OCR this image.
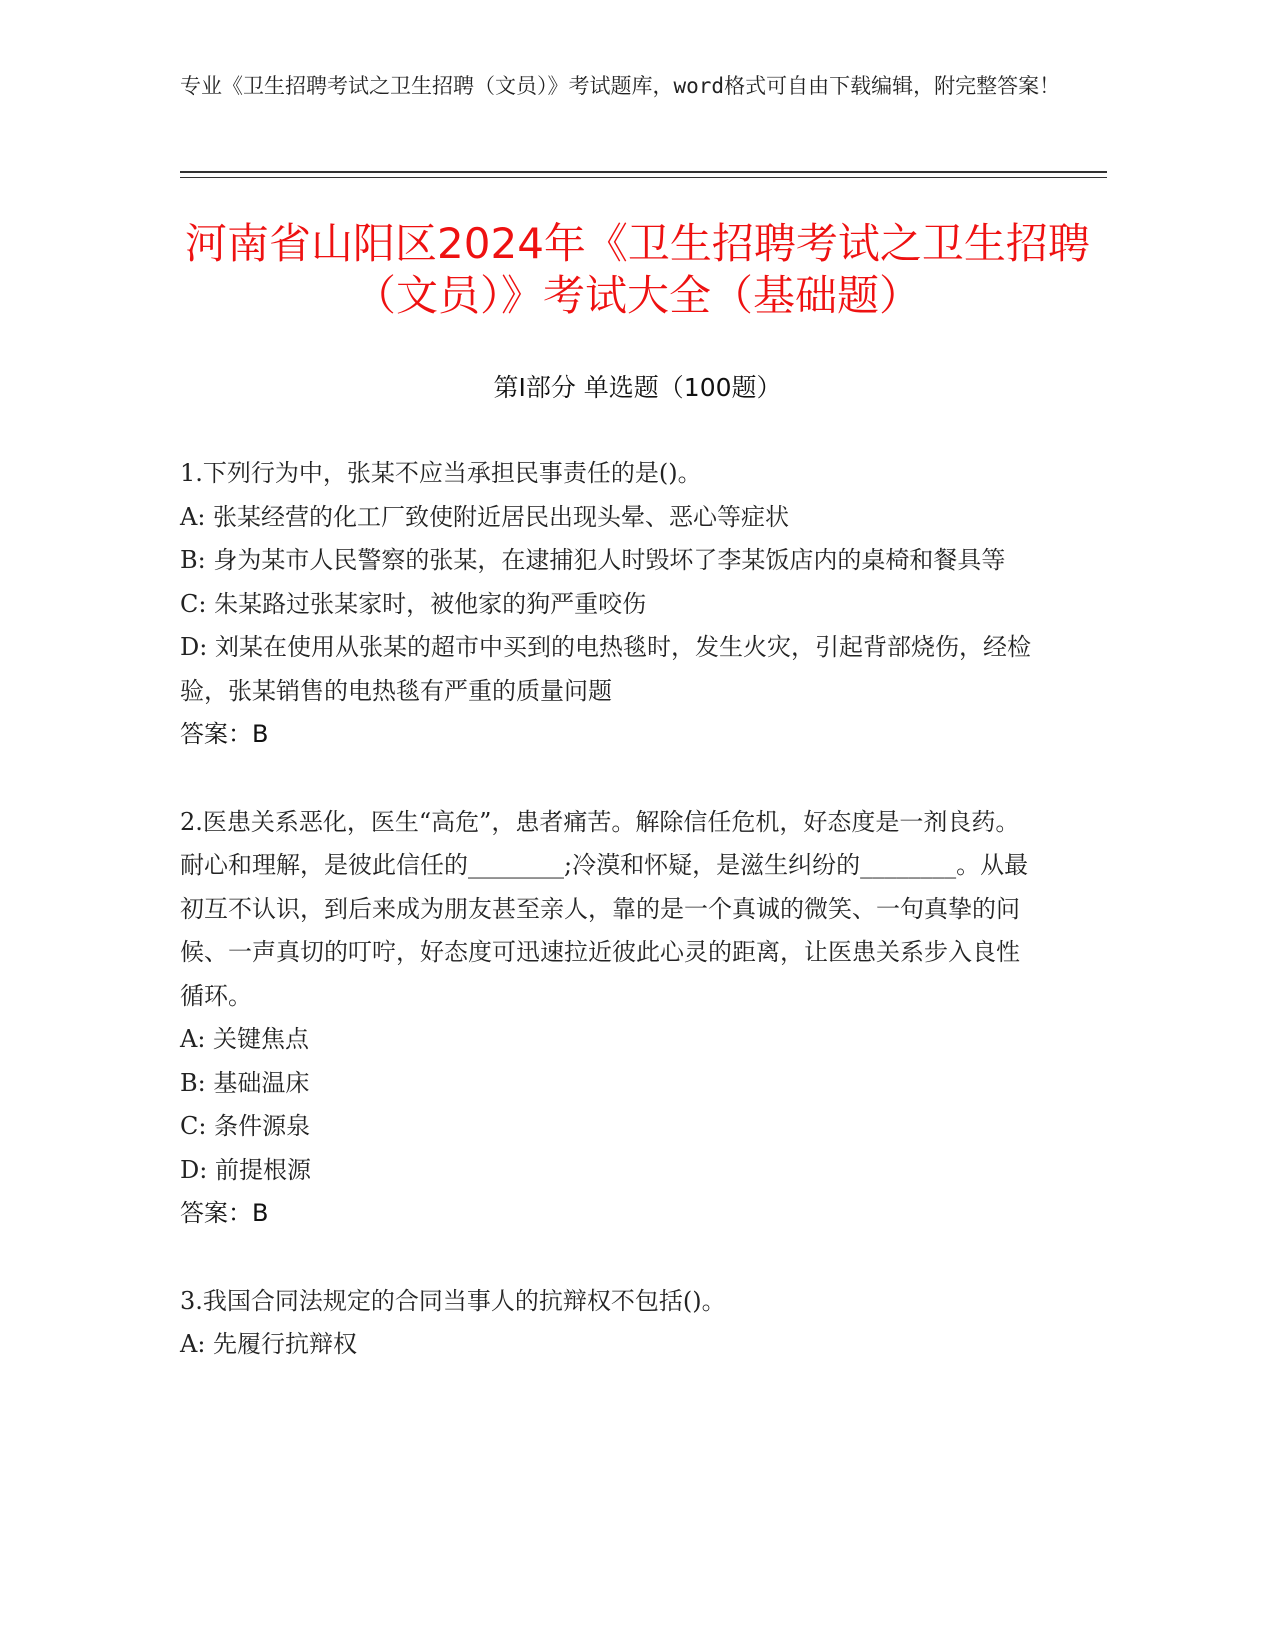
专业《卫生招聘考试之卫生招聘（文员）》考试题库，word格式可自由下载编辑，附完整答案！
河南省山阳区2024年《卫生招聘考试之卫生招聘（文员）》考试大全（基础题）
第Ⅰ部分 单选题（100题）
1.下列行为中，张某不应当承担民事责任的是()。
A: 张某经营的化工厂致使附近居民出现头晕、恶心等症状
B: 身为某市人民警察的张某，在逮捕犯人时毁坏了李某饭店内的桌椅和餐具等
C: 朱某路过张某家时，被他家的狗严重咬伤
D: 刘某在使用从张某的超市中买到的电热毯时，发生火灾，引起背部烧伤，经检验，张某销售的电热毯有严重的质量问题
答案：B
2.医患关系恶化，医生“高危”，患者痛苦。解除信任危机，好态度是一剂良药。耐心和理解，是彼此信任的________;冷漠和怀疑，是滋生纠纷的________。从最初互不认识，到后来成为朋友甚至亲人，靠的是一个真诚的微笑、一句真挚的问候、一声真切的叮咛，好态度可迅速拉近彼此心灵的距离，让医患关系步入良性循环。
A: 关键焦点
B: 基础温床
C: 条件源泉
D: 前提根源
答案：B
3.我国合同法规定的合同当事人的抗辩权不包括()。
A: 先履行抗辩权
